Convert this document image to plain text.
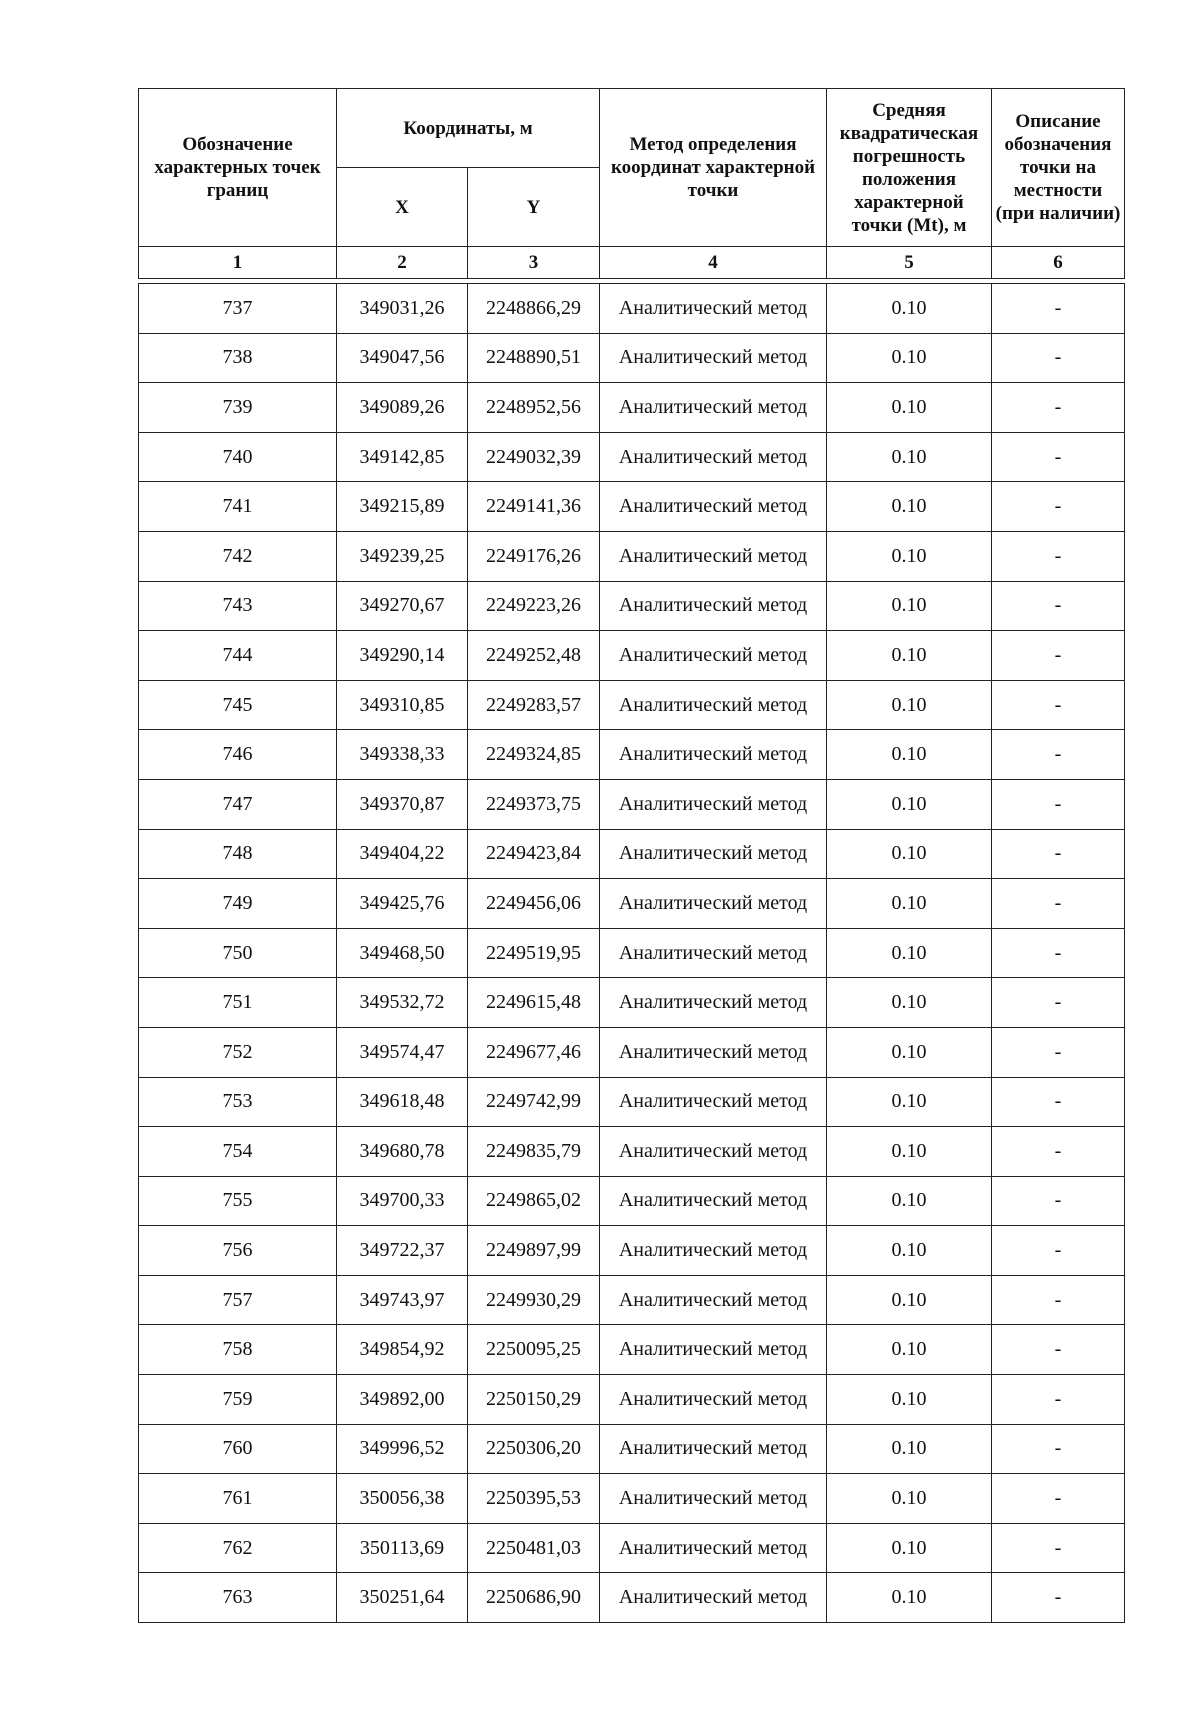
Обозначение характерных точек границ	Координаты, м		Метод определения координат характерной точки	Средняя квадратическая погрешность положения характерной точки (Mt), м	Описание обозначения точки на местности (при наличии)
	X	Y			
1	2	3	4	5	6

737	349031,26	2248866,29	Аналитический метод	0.10	-
738	349047,56	2248890,51	Аналитический метод	0.10	-
739	349089,26	2248952,56	Аналитический метод	0.10	-
740	349142,85	2249032,39	Аналитический метод	0.10	-
741	349215,89	2249141,36	Аналитический метод	0.10	-
742	349239,25	2249176,26	Аналитический метод	0.10	-
743	349270,67	2249223,26	Аналитический метод	0.10	-
744	349290,14	2249252,48	Аналитический метод	0.10	-
745	349310,85	2249283,57	Аналитический метод	0.10	-
746	349338,33	2249324,85	Аналитический метод	0.10	-
747	349370,87	2249373,75	Аналитический метод	0.10	-
748	349404,22	2249423,84	Аналитический метод	0.10	-
749	349425,76	2249456,06	Аналитический метод	0.10	-
750	349468,50	2249519,95	Аналитический метод	0.10	-
751	349532,72	2249615,48	Аналитический метод	0.10	-
752	349574,47	2249677,46	Аналитический метод	0.10	-
753	349618,48	2249742,99	Аналитический метод	0.10	-
754	349680,78	2249835,79	Аналитический метод	0.10	-
755	349700,33	2249865,02	Аналитический метод	0.10	-
756	349722,37	2249897,99	Аналитический метод	0.10	-
757	349743,97	2249930,29	Аналитический метод	0.10	-
758	349854,92	2250095,25	Аналитический метод	0.10	-
759	349892,00	2250150,29	Аналитический метод	0.10	-
760	349996,52	2250306,20	Аналитический метод	0.10	-
761	350056,38	2250395,53	Аналитический метод	0.10	-
762	350113,69	2250481,03	Аналитический метод	0.10	-
763	350251,64	2250686,90	Аналитический метод	0.10	-
